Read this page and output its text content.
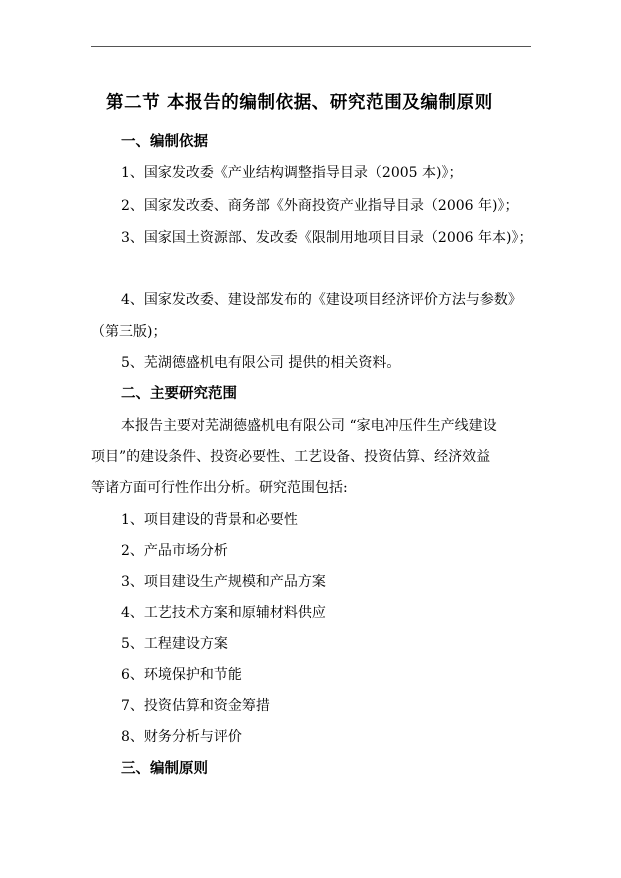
第二节 本报告的编制依据、研究范围及编制原则
一、编制依据
1、国家发改委《产业结构调整指导目录（2005 本)》；
2、国家发改委、商务部《外商投资产业指导目录（2006 年)》；
3、国家国土资源部、发改委《限制用地项目目录（2006 年本)》；
4、国家发改委、建设部发布的《建设项目经济评价方法与参数》
（第三版)；
5、芜湖德盛机电有限公司 提供的相关资料。
二、主要研究范围
本报告主要对芜湖德盛机电有限公司 “家电冲压件生产线建设
项目”的建设条件、投资必要性、工艺设备、投资估算、经济效益
等诸方面可行性作出分析。研究范围包括:
1、项目建设的背景和必要性
2、产品市场分析
3、项目建设生产规模和产品方案
4、工艺技术方案和原辅材料供应
5、工程建设方案
6、环境保护和节能
7、投资估算和资金筹措
8、财务分析与评价
三、编制原则
